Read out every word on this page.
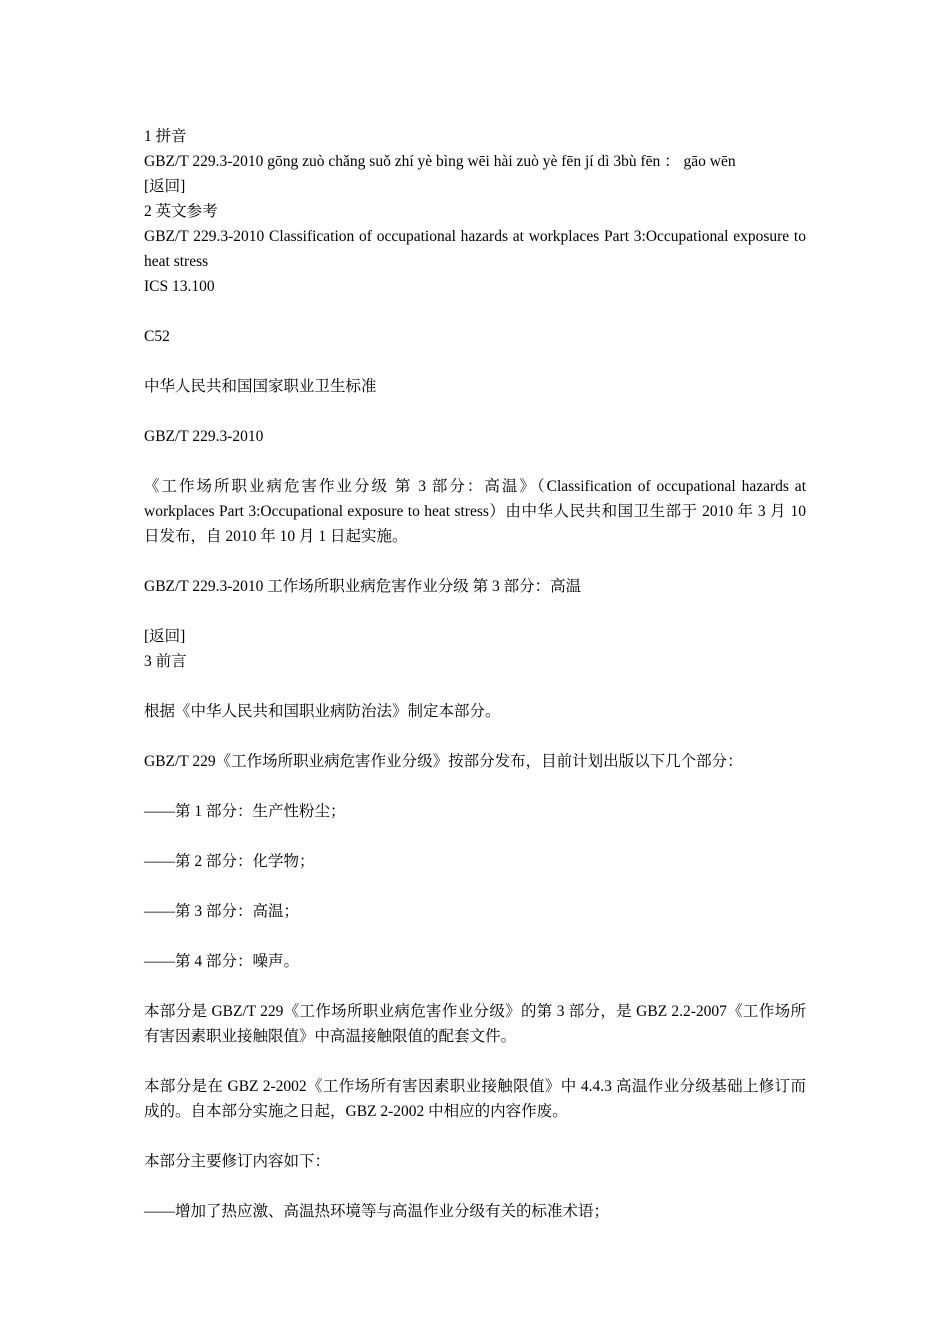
1 拼音

GBZ/T 229.3-2010 gōng zuò chǎng suǒ zhí yè bìng wēi hài zuò yè fēn jí dì 3bù fēn ： gāo wēn

[返回]

2 英文参考

GBZ/T 229.3-2010 Classification of occupational hazards at workplaces Part 3:Occupational exposure to heat stress

ICS 13.100

C52

中华人民共和国国家职业卫生标准

GBZ/T 229.3-2010

《工作场所职业病危害作业分级 第 3 部分：高温》（Classification of occupational hazards at workplaces Part 3:Occupational exposure to heat stress）由中华人民共和国卫生部于 2010 年 3 月 10 日发布，自 2010 年 10 月 1 日起实施。

GBZ/T 229.3-2010 工作场所职业病危害作业分级 第 3 部分：高温

[返回]

3 前言

根据《中华人民共和国职业病防治法》制定本部分。

GBZ/T 229《工作场所职业病危害作业分级》按部分发布，目前计划出版以下几个部分：

——第 1 部分：生产性粉尘；

——第 2 部分：化学物；

——第 3 部分：高温；

——第 4 部分：噪声。

本部分是 GBZ/T 229《工作场所职业病危害作业分级》的第 3 部分，是 GBZ 2.2-2007《工作场所有害因素职业接触限值》中高温接触限值的配套文件。

本部分是在 GBZ 2-2002《工作场所有害因素职业接触限值》中 4.4.3 高温作业分级基础上修订而成的。自本部分实施之日起，GBZ 2-2002 中相应的内容作废。

本部分主要修订内容如下：

——增加了热应激、高温热环境等与高温作业分级有关的标准术语；
